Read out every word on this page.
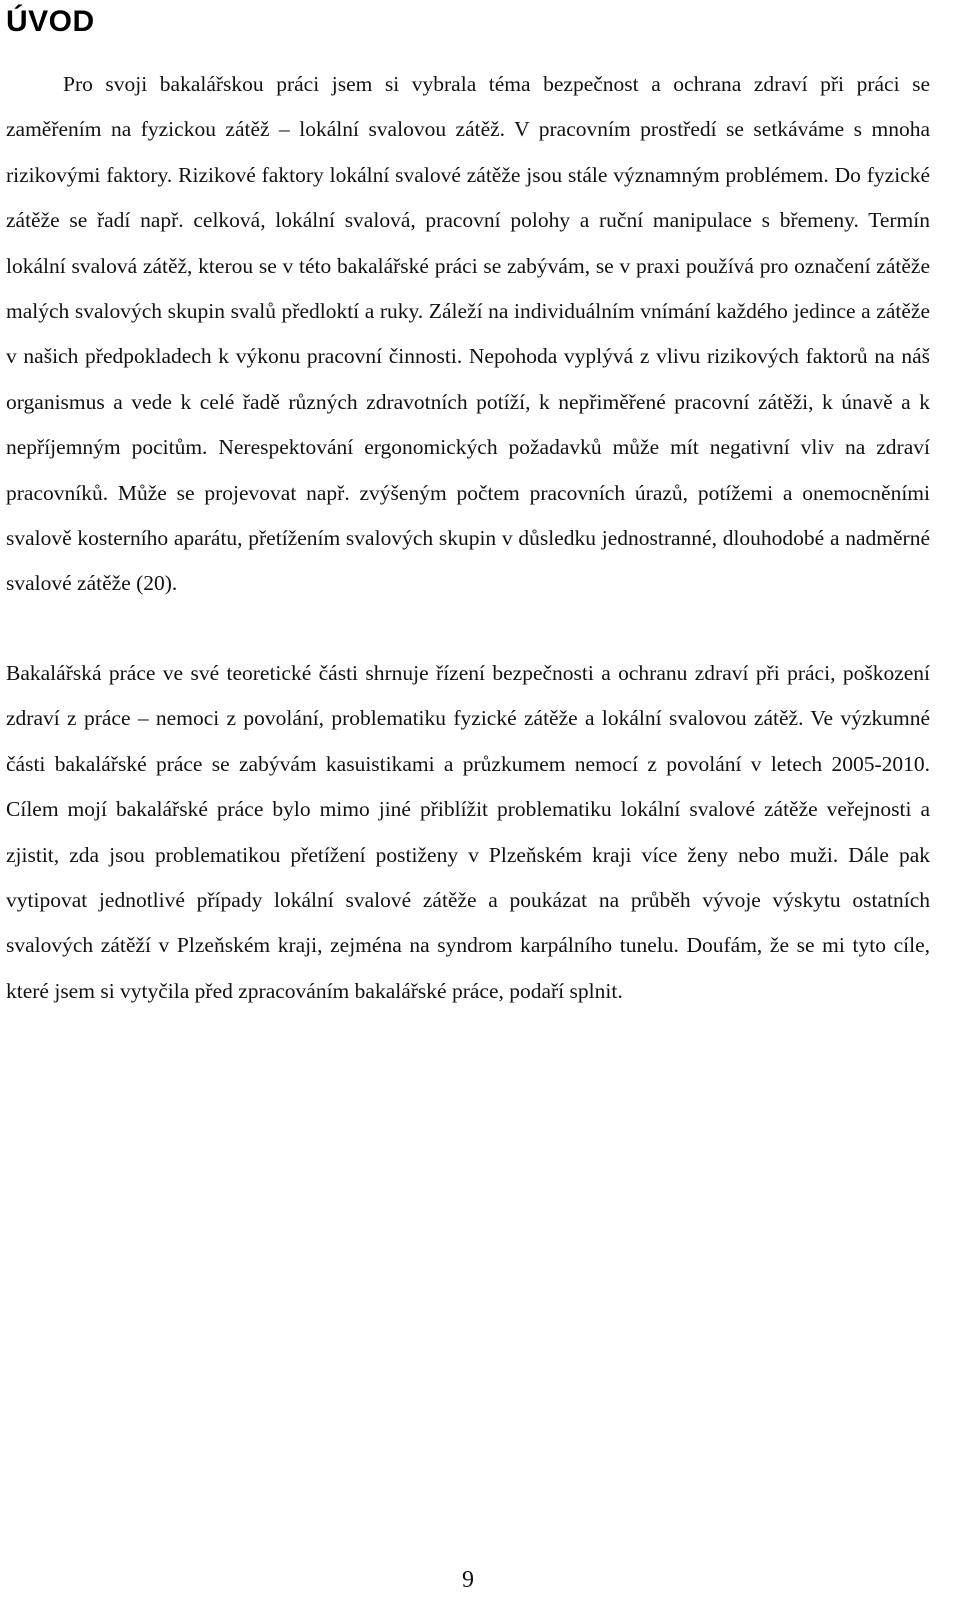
ÚVOD

Pro svoji bakalářskou práci jsem si vybrala téma bezpečnost a ochrana zdraví při práci se zaměřením na fyzickou zátěž – lokální svalovou zátěž. V pracovním prostředí se setkáváme s mnoha rizikovými faktory. Rizikové faktory lokální svalové zátěže jsou stále významným problémem. Do fyzické zátěže se řadí např. celková, lokální svalová, pracovní polohy a ruční manipulace s břemeny. Termín lokální svalová zátěž, kterou se v této bakalářské práci se zabývám, se v praxi používá pro označení zátěže malých svalových skupin svalů předloktí a ruky. Záleží na individuálním vnímání každého jedince a zátěže v našich předpokladech k výkonu pracovní činnosti. Nepohoda vyplývá z vlivu rizikových faktorů na náš organismus a vede k celé řadě různých zdravotních potíží, k nepřiměřené pracovní zátěži, k únavě a k nepříjemným pocitům. Nerespektování ergonomických požadavků může mít negativní vliv na zdraví pracovníků. Může se projevovat např. zvýšeným počtem pracovních úrazů, potížemi a onemocněními svalově kosterního aparátu, přetížením svalových skupin v důsledku jednostranné, dlouhodobé a nadměrné svalové zátěže (20).

Bakalářská práce ve své teoretické části shrnuje řízení bezpečnosti a ochranu zdraví při práci, poškození zdraví z práce – nemoci z povolání, problematiku fyzické zátěže a lokální svalovou zátěž. Ve výzkumné části bakalářské práce se zabývám kasuistikami a průzkumem nemocí z povolání v letech 2005-2010. Cílem mojí bakalářské práce bylo mimo jiné přiblížit problematiku lokální svalové zátěže veřejnosti a zjistit, zda jsou problematikou přetížení postiženy v Plzeňském kraji více ženy nebo muži. Dále pak vytipovat jednotlivé případy lokální svalové zátěže a poukázat na průběh vývoje výskytu ostatních svalových zátěží v Plzeňském kraji, zejména na syndrom karpálního tunelu. Doufám, že se mi tyto cíle, které jsem si vytyčila před zpracováním bakalářské práce, podaří splnit.

9
